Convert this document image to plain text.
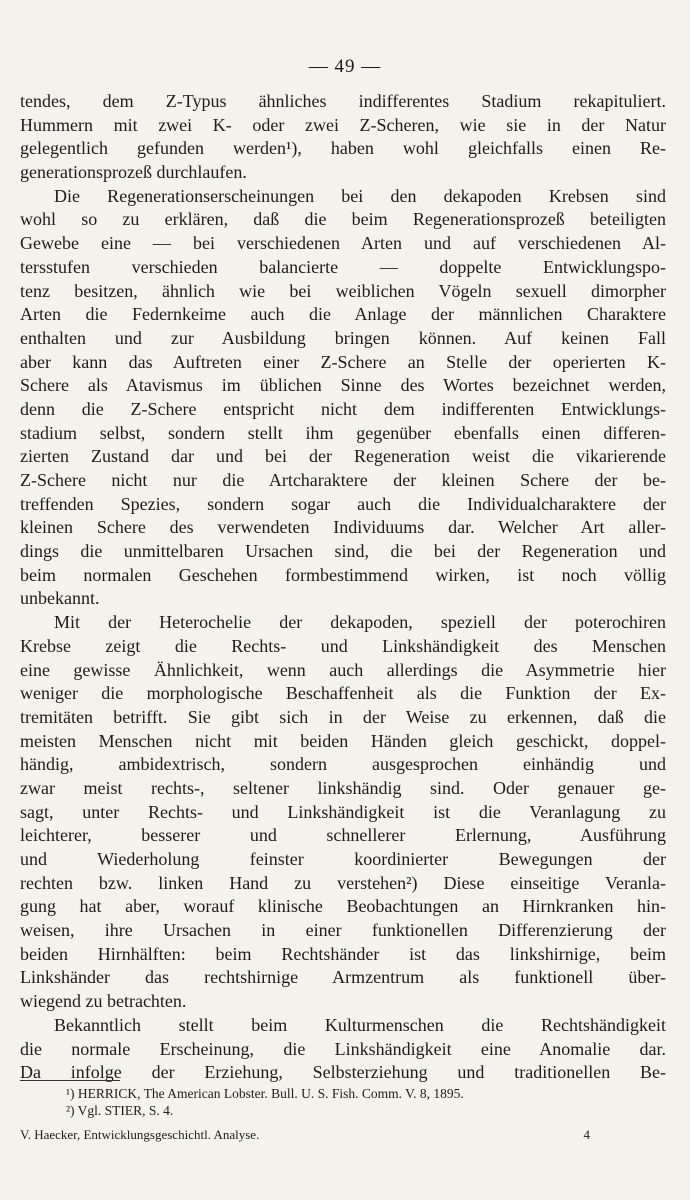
— 49 —
tendes, dem Z-Typus ähnliches indifferentes Stadium rekapituliert.
Hummern mit zwei K- oder zwei Z-Scheren, wie sie in der Natur
gelegentlich gefunden werden¹), haben wohl gleichfalls einen Re-
generationsprozeß durchlaufen.
Die Regenerationserscheinungen bei den dekapoden Krebsen sind
wohl so zu erklären, daß die beim Regenerationsprozeß beteiligten
Gewebe eine — bei verschiedenen Arten und auf verschiedenen Al-
tersstufen verschieden balancierte — doppelte Entwicklungspo-
tenz besitzen, ähnlich wie bei weiblichen Vögeln sexuell dimorpher
Arten die Federnkeime auch die Anlage der männlichen Charaktere
enthalten und zur Ausbildung bringen können. Auf keinen Fall
aber kann das Auftreten einer Z-Schere an Stelle der operierten K-
Schere als Atavismus im üblichen Sinne des Wortes bezeichnet werden,
denn die Z-Schere entspricht nicht dem indifferenten Entwicklungs-
stadium selbst, sondern stellt ihm gegenüber ebenfalls einen differen-
zierten Zustand dar und bei der Regeneration weist die vikarierende
Z-Schere nicht nur die Artcharaktere der kleinen Schere der be-
treffenden Spezies, sondern sogar auch die Individualcharaktere der
kleinen Schere des verwendeten Individuums dar. Welcher Art aller-
dings die unmittelbaren Ursachen sind, die bei der Regeneration und
beim normalen Geschehen formbestimmend wirken, ist noch völlig
unbekannt.
Mit der Heterochelie der dekapoden, speziell der poterochiren
Krebse zeigt die Rechts- und Linkshändigkeit des Menschen
eine gewisse Ähnlichkeit, wenn auch allerdings die Asymmetrie hier
weniger die morphologische Beschaffenheit als die Funktion der Ex-
tremitäten betrifft. Sie gibt sich in der Weise zu erkennen, daß die
meisten Menschen nicht mit beiden Händen gleich geschickt, doppel-
händig, ambidextrisch, sondern ausgesprochen einhändig und
zwar meist rechts-, seltener linkshändig sind. Oder genauer ge-
sagt, unter Rechts- und Linkshändigkeit ist die Veranlagung zu
leichterer, besserer und schnellerer Erlernung, Ausführung
und Wiederholung feinster koordinierter Bewegungen der
rechten bzw. linken Hand zu verstehen²) Diese einseitige Veranla-
gung hat aber, worauf klinische Beobachtungen an Hirnkranken hin-
weisen, ihre Ursachen in einer funktionellen Differenzierung der
beiden Hirnhälften: beim Rechtshänder ist das linkshirnige, beim
Linkshänder das rechtshirnige Armzentrum als funktionell über-
wiegend zu betrachten.
Bekanntlich stellt beim Kulturmenschen die Rechtshändigkeit
die normale Erscheinung, die Linkshändigkeit eine Anomalie dar.
Da infolge der Erziehung, Selbsterziehung und traditionellen Be-
¹) HERRICK, The American Lobster. Bull. U. S. Fish. Comm. V. 8, 1895.
²) Vgl. STIER, S. 4.
V. Haecker, Entwicklungsgeschichtl. Analyse.	4
